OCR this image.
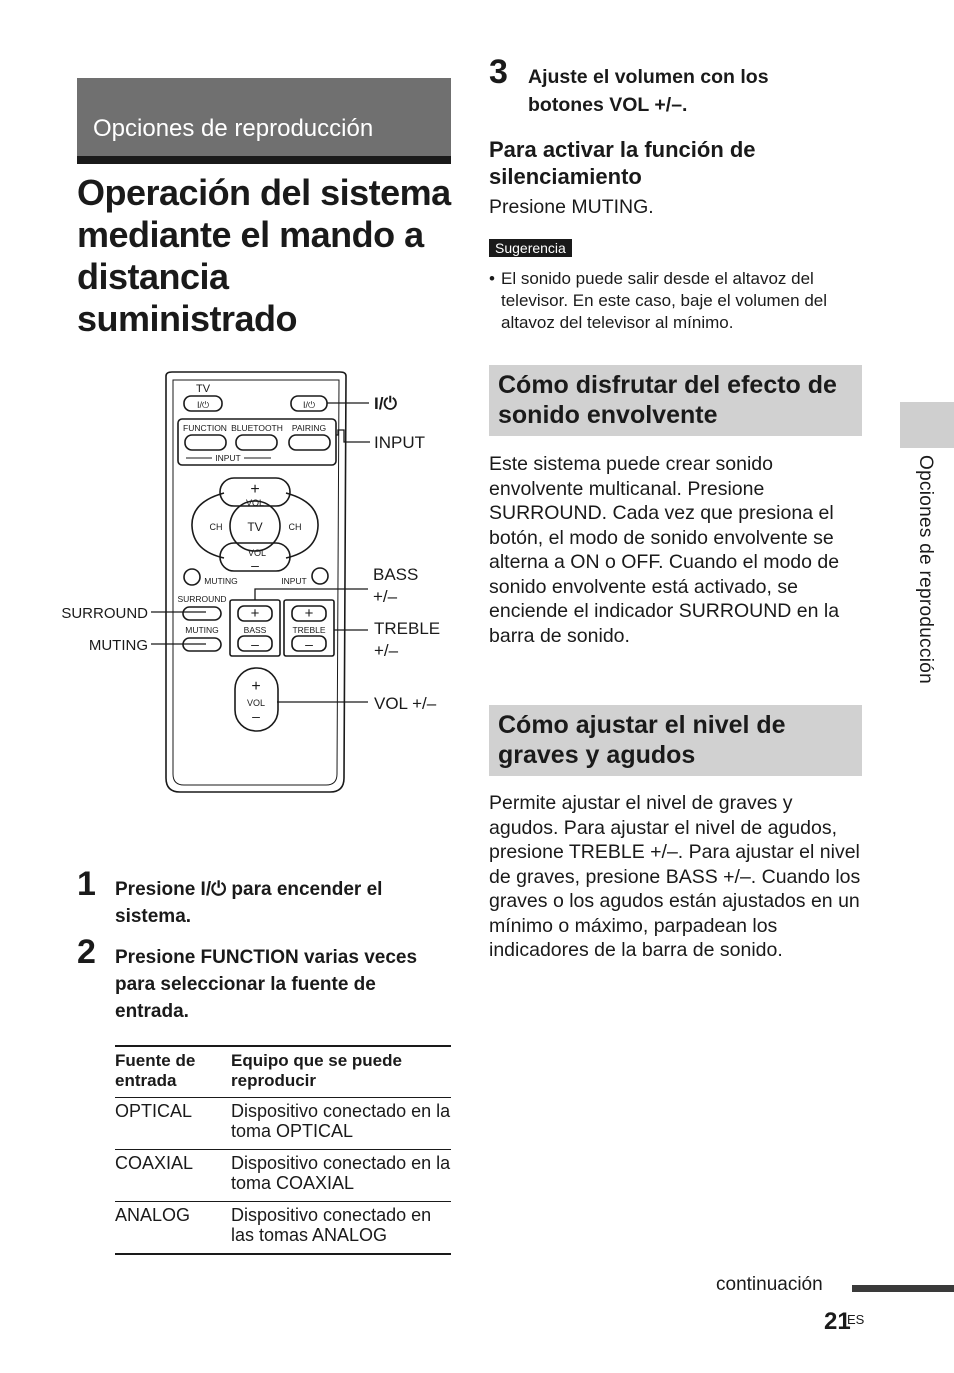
Opciones de reproducción
Operación del sistema mediante el mando a distancia suministrado
TV
I/⏻	I/⏻
FUNCTION BLUETOOTH PAIRING
INPUT
+
VOL
CH TV	CH
VOL
–
MUTING	INPUT
SURROUND
MUTING
+
BASS
–
+
TREBLE
–
+
VOL
–
I/⏻
INPUT
BASS
+/–
TREBLE
+/–
VOL +/–
SURROUND
MUTING
1 Presione I/⏻ para encender el sistema.
2 Presione FUNCTION varias veces para seleccionar la fuente de entrada.
Fuente de entrada	Equipo que se puede reproducir
OPTICAL	Dispositivo conectado en la toma OPTICAL
COAXIAL	Dispositivo conectado en la toma COAXIAL
ANALOG	Dispositivo conectado en las tomas ANALOG
3 Ajuste el volumen con los botones VOL +/–.
Para activar la función de silenciamiento
Presione MUTING.
Sugerencia
• El sonido puede salir desde el altavoz del televisor. En este caso, baje el volumen del altavoz del televisor al mínimo.
Cómo disfrutar del efecto de sonido envolvente
Este sistema puede crear sonido envolvente multicanal. Presione SURROUND. Cada vez que presiona el botón, el modo de sonido envolvente se alterna a ON o OFF. Cuando el modo de sonido envolvente está activado, se enciende el indicador SURROUND en la barra de sonido.
Cómo ajustar el nivel de graves y agudos
Permite ajustar el nivel de graves y agudos. Para ajustar el nivel de agudos, presione TREBLE +/–. Para ajustar el nivel de graves, presione BASS +/–. Cuando los graves o los agudos están ajustados en un mínimo o máximo, parpadean los indicadores de la barra de sonido.
Opciones de reproducción
continuación
21
ES
